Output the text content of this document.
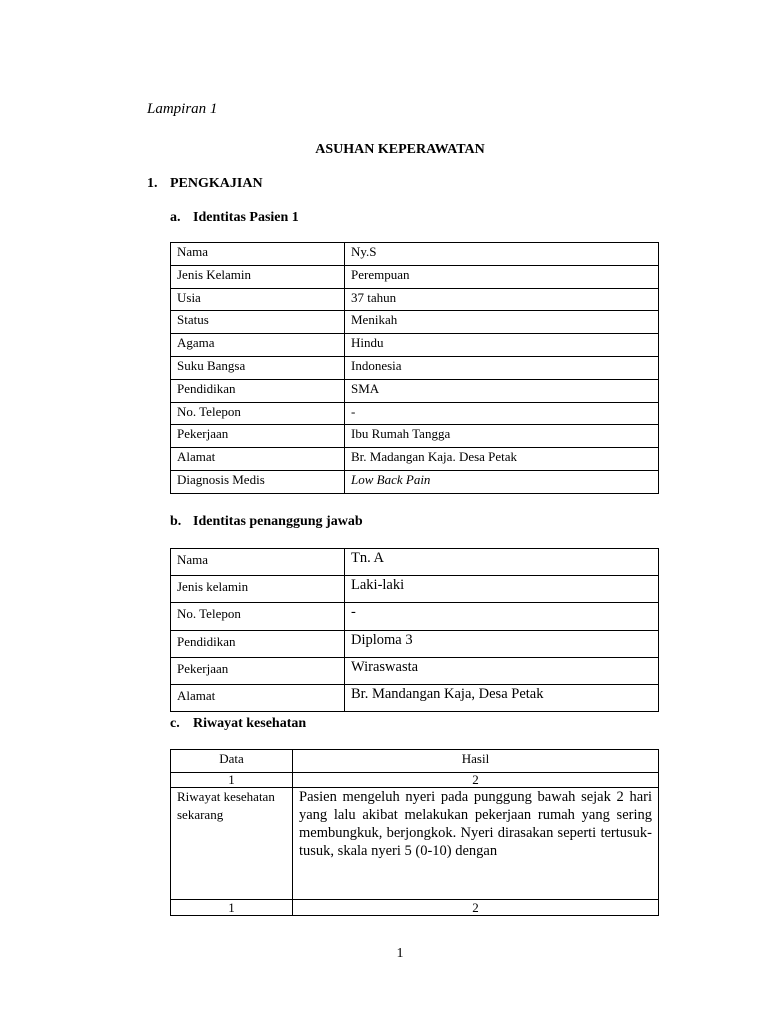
Lampiran 1
ASUHAN KEPERAWATAN
1. PENGKAJIAN
a. Identitas Pasien 1
Nama	Ny.S
Jenis Kelamin	Perempuan
Usia	37 tahun
Status	Menikah
Agama	Hindu
Suku Bangsa	Indonesia
Pendidikan	SMA
No. Telepon	-
Pekerjaan	Ibu Rumah Tangga
Alamat	Br. Madangan Kaja. Desa Petak
Diagnosis Medis	Low Back Pain
b. Identitas penanggung jawab
Nama	Tn. A
Jenis kelamin	Laki-laki
No. Telepon	-
Pendidikan	Diploma 3
Pekerjaan	Wiraswasta
Alamat	Br. Mandangan Kaja, Desa Petak
c. Riwayat kesehatan
Data	Hasil
1	2
Riwayat kesehatan sekarang	Pasien mengeluh nyeri pada punggung bawah sejak 2 hari yang lalu akibat melakukan pekerjaan rumah yang sering membungkuk, berjongkok. Nyeri dirasakan seperti tertusuk-tusuk, skala nyeri 5 (0-10) dengan
1	2
1
